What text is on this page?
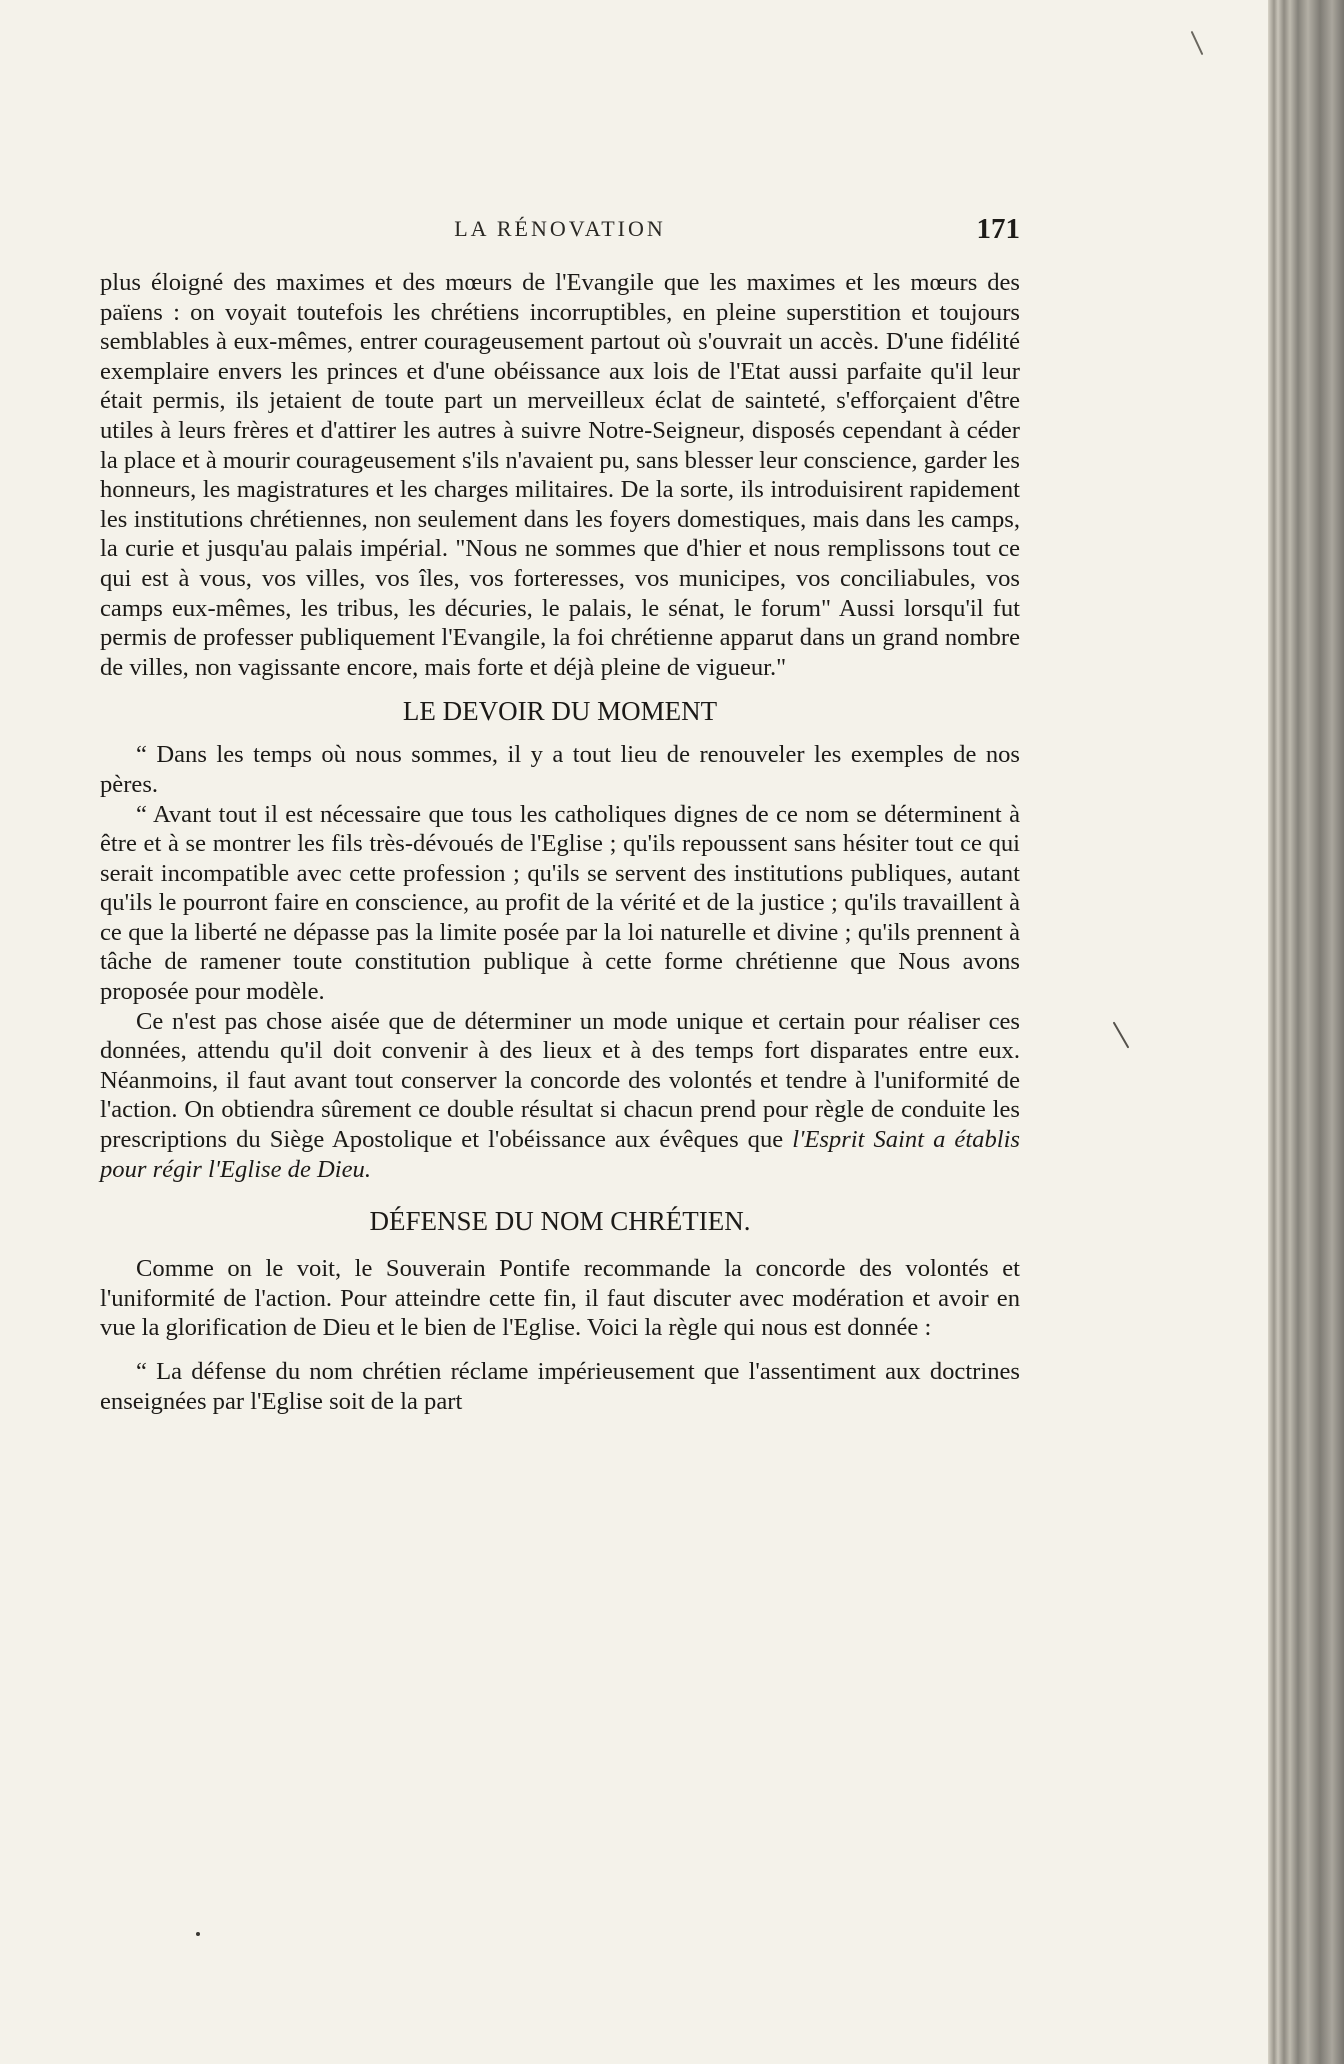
LA RÉNOVATION	171

plus éloigné des maximes et des mœurs de l'Evangile que les maximes et les mœurs des païens : on voyait toutefois les chrétiens incorruptibles, en pleine superstition et toujours semblables à eux-mêmes, entrer courageusement partout où s'ouvrait un accès. D'une fidélité exemplaire envers les princes et d'une obéissance aux lois de l'Etat aussi parfaite qu'il leur était permis, ils jetaient de toute part un merveilleux éclat de sainteté, s'efforçaient d'être utiles à leurs frères et d'attirer les autres à suivre Notre-Seigneur, disposés cependant à céder la place et à mourir courageusement s'ils n'avaient pu, sans blesser leur conscience, garder les honneurs, les magistratures et les charges militaires. De la sorte, ils introduisirent rapidement les institutions chrétiennes, non seulement dans les foyers domestiques, mais dans les camps, la curie et jusqu'au palais impérial. "Nous ne sommes que d'hier et nous remplissons tout ce qui est à vous, vos villes, vos îles, vos forteresses, vos municipes, vos conciliabules, vos camps eux-mêmes, les tribus, les décuries, le palais, le sénat, le forum" Aussi lorsqu'il fut permis de professer publiquement l'Evangile, la foi chrétienne apparut dans un grand nombre de villes, non vagissante encore, mais forte et déjà pleine de vigueur."

LE DEVOIR DU MOMENT

“ Dans les temps où nous sommes, il y a tout lieu de renouveler les exemples de nos pères.

“ Avant tout il est nécessaire que tous les catholiques dignes de ce nom se déterminent à être et à se montrer les fils très-dévoués de l'Eglise ; qu'ils repoussent sans hésiter tout ce qui serait incompatible avec cette profession ; qu'ils se servent des institutions publiques, autant qu'ils le pourront faire en conscience, au profit de la vérité et de la justice ; qu'ils travaillent à ce que la liberté ne dépasse pas la limite posée par la loi naturelle et divine ; qu'ils prennent à tâche de ramener toute constitution publique à cette forme chrétienne que Nous avons proposée pour modèle.

Ce n'est pas chose aisée que de déterminer un mode unique et certain pour réaliser ces données, attendu qu'il doit convenir à des lieux et à des temps fort disparates entre eux. Néanmoins, il faut avant tout conserver la concorde des volontés et tendre à l'uniformité de l'action. On obtiendra sûrement ce double résultat si chacun prend pour règle de conduite les prescriptions du Siège Apostolique et l'obéissance aux évêques que l'Esprit Saint a établis pour régir l'Eglise de Dieu.

DÉFENSE DU NOM CHRÉTIEN.

Comme on le voit, le Souverain Pontife recommande la concorde des volontés et l'uniformité de l'action. Pour atteindre cette fin, il faut discuter avec modération et avoir en vue la glorification de Dieu et le bien de l'Eglise. Voici la règle qui nous est donnée :

“ La défense du nom chrétien réclame impérieusement que l'assentiment aux doctrines enseignées par l'Eglise soit de la part
